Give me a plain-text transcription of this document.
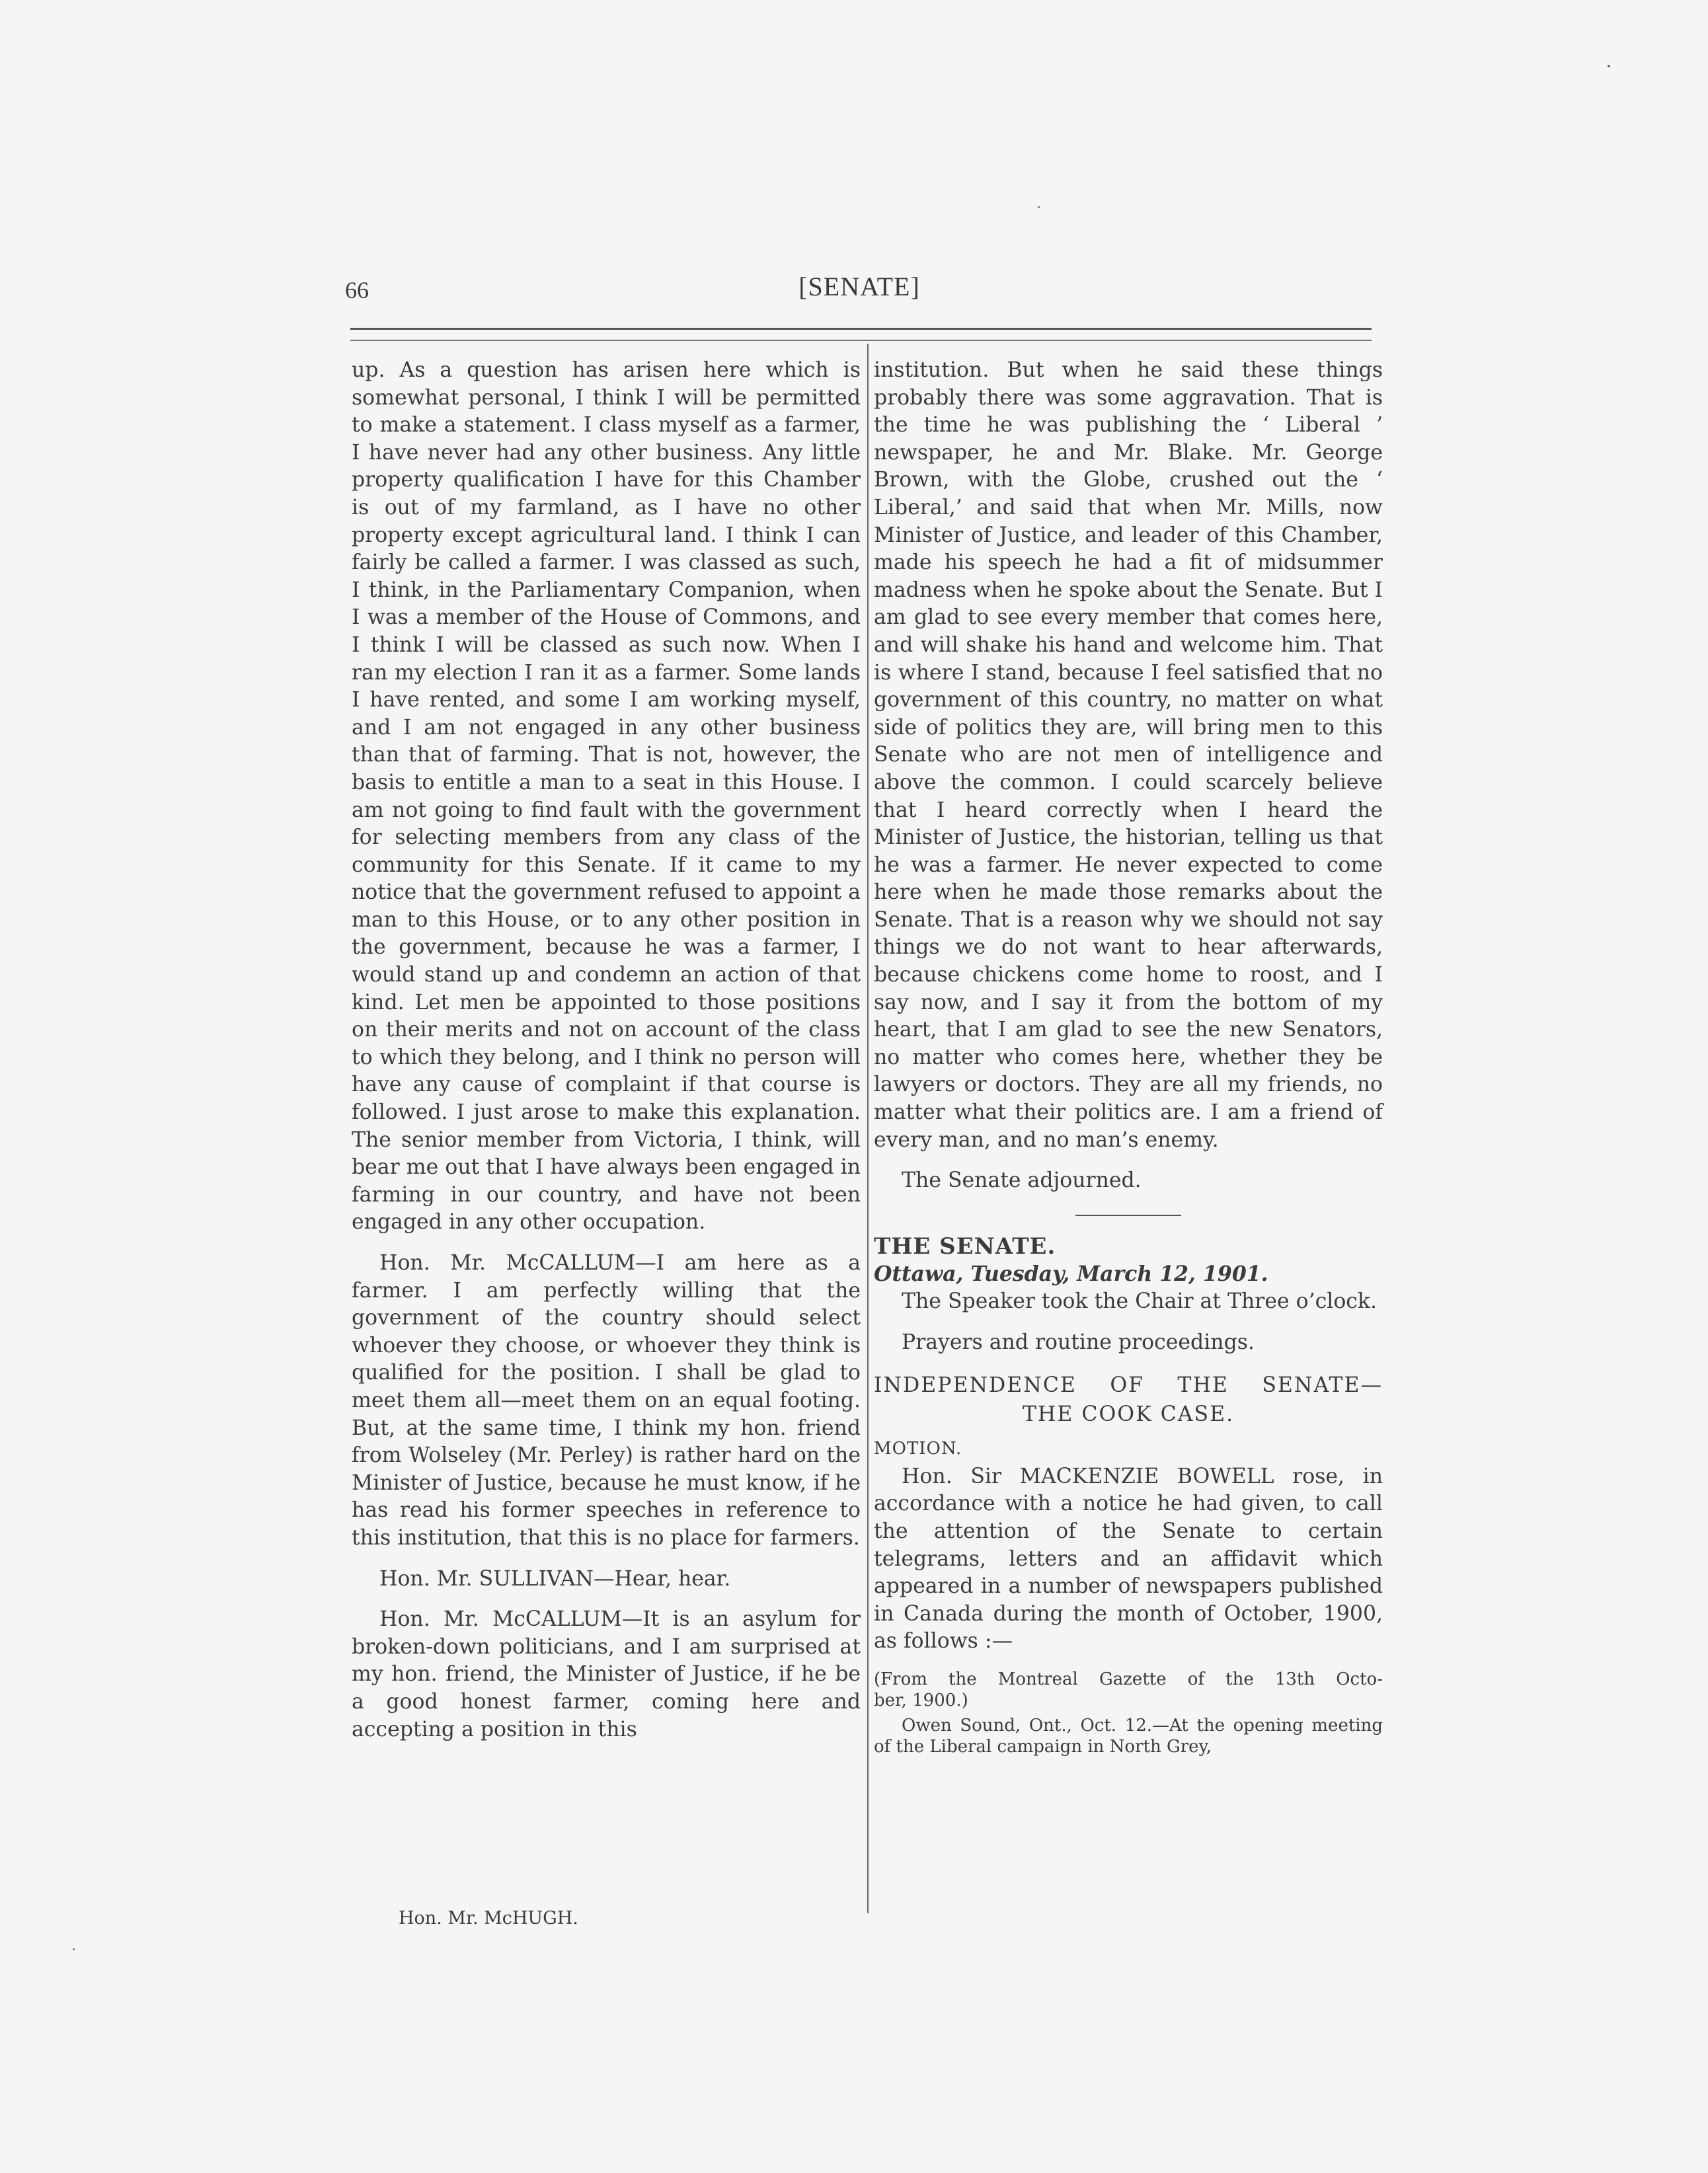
66	[SENATE]

up. As a question has arisen here which is somewhat personal, I think I will be permitted to make a statement. I class myself as a farmer, I have never had any other business. Any little property qualification I have for this Chamber is out of my farmland, as I have no other property except agricultural land. I think I can fairly be called a farmer. I was classed as such, I think, in the Parliamentary Companion, when I was a member of the House of Commons, and I think I will be classed as such now. When I ran my election I ran it as a farmer. Some lands I have rented, and some I am working myself, and I am not engaged in any other business than that of farming. That is not, however, the basis to entitle a man to a seat in this House. I am not going to find fault with the government for selecting members from any class of the community for this Senate. If it came to my notice that the government refused to appoint a man to this House, or to any other position in the government, because he was a farmer, I would stand up and condemn an action of that kind. Let men be appointed to those positions on their merits and not on account of the class to which they belong, and I think no person will have any cause of complaint if that course is followed. I just arose to make this explanation. The senior member from Victoria, I think, will bear me out that I have always been engaged in farming in our country, and have not been engaged in any other occupation.

Hon. Mr. McCALLUM—I am here as a farmer. I am perfectly willing that the government of the country should select whoever they choose, or whoever they think is qualified for the position. I shall be glad to meet them all—meet them on an equal footing. But, at the same time, I think my hon. friend from Wolseley (Mr. Perley) is rather hard on the Minister of Justice, because he must know, if he has read his former speeches in reference to this institution, that this is no place for farmers.

Hon. Mr. SULLIVAN—Hear, hear.

Hon. Mr. McCALLUM—It is an asylum for broken-down politicians, and I am surprised at my hon. friend, the Minister of Justice, if he be a good honest farmer, coming here and accepting a position in this

institution. But when he said these things probably there was some aggravation. That is the time he was publishing the ‘ Liberal ’ newspaper, he and Mr. Blake. Mr. George Brown, with the Globe, crushed out the ‘ Liberal,’ and said that when Mr. Mills, now Minister of Justice, and leader of this Chamber, made his speech he had a fit of midsummer madness when he spoke about the Senate. But I am glad to see every member that comes here, and will shake his hand and welcome him. That is where I stand, because I feel satisfied that no government of this country, no matter on what side of politics they are, will bring men to this Senate who are not men of intelligence and above the common. I could scarcely believe that I heard correctly when I heard the Minister of Justice, the historian, telling us that he was a farmer. He never expected to come here when he made those remarks about the Senate. That is a reason why we should not say things we do not want to hear afterwards, because chickens come home to roost, and I say now, and I say it from the bottom of my heart, that I am glad to see the new Senators, no matter who comes here, whether they be lawyers or doctors. They are all my friends, no matter what their politics are. I am a friend of every man, and no man’s enemy.

The Senate adjourned.

THE SENATE.

Ottawa, Tuesday, March 12, 1901.

The Speaker took the Chair at Three o’clock.

Prayers and routine proceedings.

INDEPENDENCE OF THE SENATE—
THE COOK CASE.

MOTION.

Hon. Sir MACKENZIE BOWELL rose, in accordance with a notice he had given, to call the attention of the Senate to certain telegrams, letters and an affidavit which appeared in a number of newspapers published in Canada during the month of October, 1900, as follows :—

(From the Montreal Gazette of the 13th Octo-

ber, 1900.)

Owen Sound, Ont., Oct. 12.—At the opening meeting of the Liberal campaign in North Grey,

Hon. Mr. McHUGH.
